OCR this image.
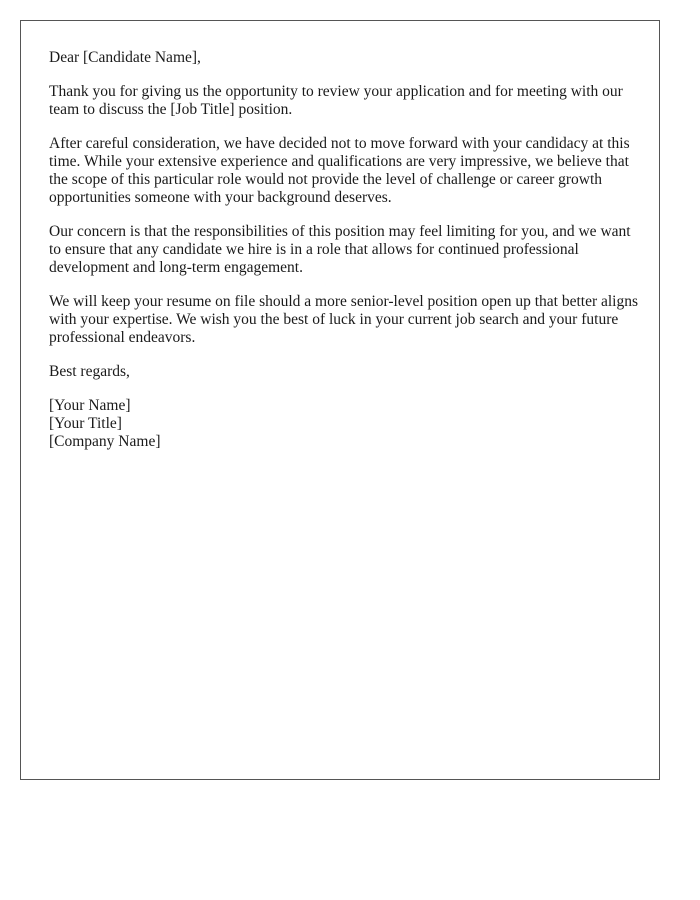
Dear [Candidate Name],

Thank you for giving us the opportunity to review your application and for meeting with our team to discuss the [Job Title] position.

After careful consideration, we have decided not to move forward with your candidacy at this time. While your extensive experience and qualifications are very impressive, we believe that the scope of this particular role would not provide the level of challenge or career growth opportunities someone with your background deserves.

Our concern is that the responsibilities of this position may feel limiting for you, and we want to ensure that any candidate we hire is in a role that allows for continued professional development and long-term engagement.

We will keep your resume on file should a more senior-level position open up that better aligns with your expertise. We wish you the best of luck in your current job search and your future professional endeavors.

Best regards,

[Your Name]

[Your Title]

[Company Name]
